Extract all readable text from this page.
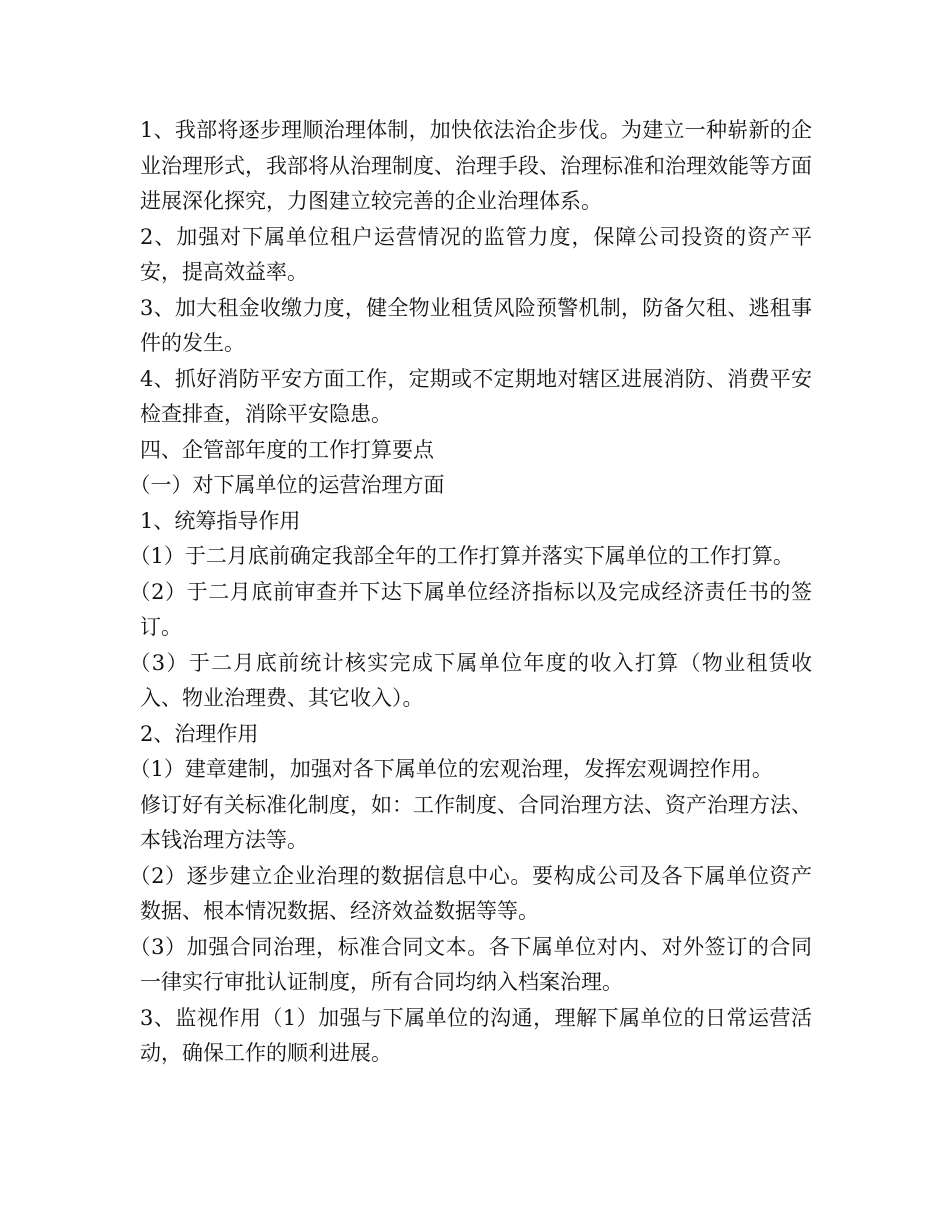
1、我部将逐步理顺治理体制，加快依法治企步伐。为建立一种崭新的企业治理形式，我部将从治理制度、治理手段、治理标准和治理效能等方面进展深化探究，力图建立较完善的企业治理体系。

2、加强对下属单位租户运营情况的监管力度，保障公司投资的资产平安，提高效益率。

3、加大租金收缴力度，健全物业租赁风险预警机制，防备欠租、逃租事件的发生。

4、抓好消防平安方面工作，定期或不定期地对辖区进展消防、消费平安检查排查，消除平安隐患。

四、企管部年度的工作打算要点

（一）对下属单位的运营治理方面

1、统筹指导作用

（1）于二月底前确定我部全年的工作打算并落实下属单位的工作打算。

（2）于二月底前审查并下达下属单位经济指标以及完成经济责任书的签订。

（3）于二月底前统计核实完成下属单位年度的收入打算（物业租赁收入、物业治理费、其它收入）。

2、治理作用

（1）建章建制，加强对各下属单位的宏观治理，发挥宏观调控作用。

修订好有关标准化制度，如：工作制度、合同治理方法、资产治理方法、本钱治理方法等。

（2）逐步建立企业治理的数据信息中心。要构成公司及各下属单位资产数据、根本情况数据、经济效益数据等等。

（3）加强合同治理，标准合同文本。各下属单位对内、对外签订的合同一律实行审批认证制度，所有合同均纳入档案治理。

3、监视作用（1）加强与下属单位的沟通，理解下属单位的日常运营活动，确保工作的顺利进展。
